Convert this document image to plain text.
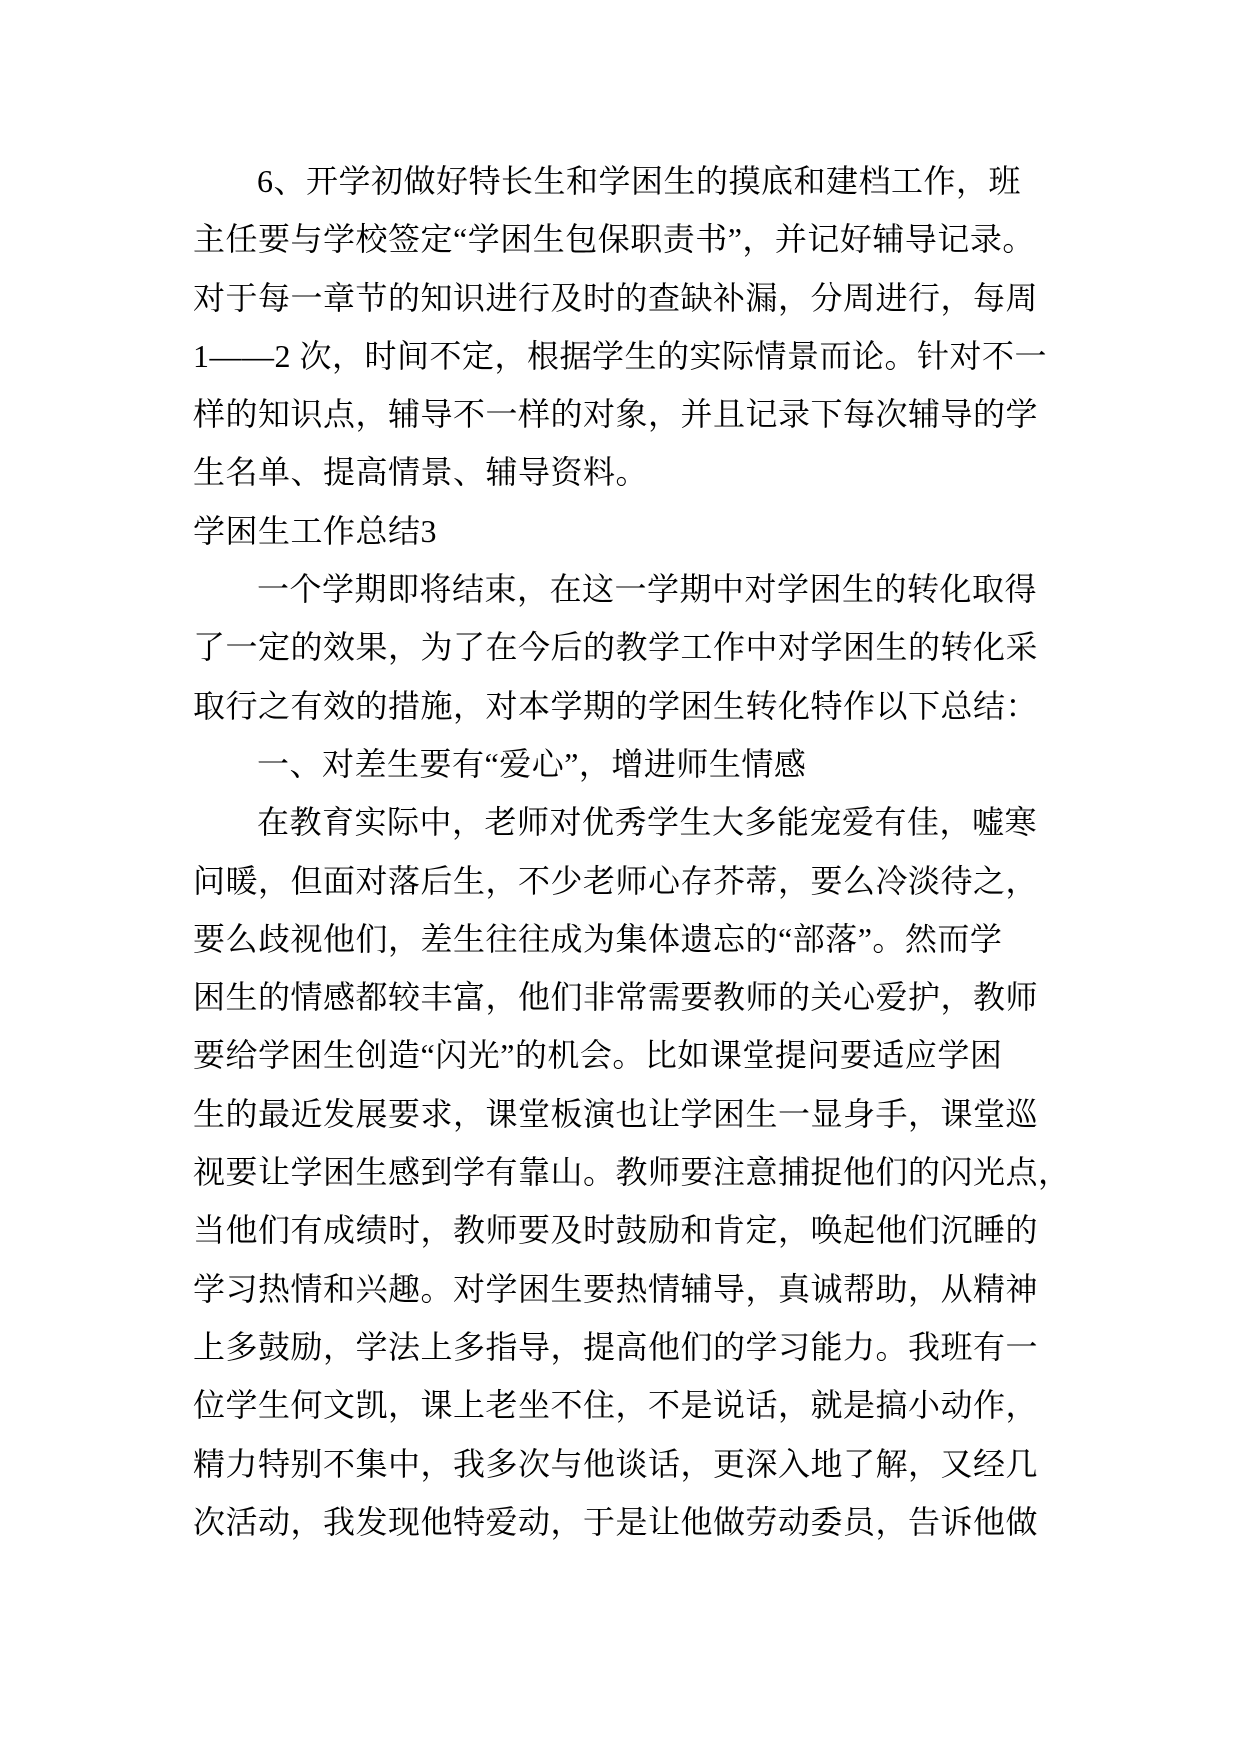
6、开学初做好特长生和学困生的摸底和建档工作，班
主任要与学校签定“学困生包保职责书”，并记好辅导记录。
对于每一章节的知识进行及时的查缺补漏，分周进行，每周
1——2 次，时间不定，根据学生的实际情景而论。针对不一
样的知识点，辅导不一样的对象，并且记录下每次辅导的学
生名单、提高情景、辅导资料。
学困生工作总结3
一个学期即将结束，在这一学期中对学困生的转化取得
了一定的效果，为了在今后的教学工作中对学困生的转化采
取行之有效的措施，对本学期的学困生转化特作以下总结：
一、对差生要有“爱心”，增进师生情感
在教育实际中，老师对优秀学生大多能宠爱有佳，嘘寒
问暖，但面对落后生，不少老师心存芥蒂，要么冷淡待之，
要么歧视他们，差生往往成为集体遗忘的“部落”。然而学
困生的情感都较丰富，他们非常需要教师的关心爱护，教师
要给学困生创造“闪光”的机会。比如课堂提问要适应学困
生的最近发展要求，课堂板演也让学困生一显身手，课堂巡
视要让学困生感到学有靠山。教师要注意捕捉他们的闪光点，
当他们有成绩时，教师要及时鼓励和肯定，唤起他们沉睡的
学习热情和兴趣。对学困生要热情辅导，真诚帮助，从精神
上多鼓励，学法上多指导，提高他们的学习能力。我班有一
位学生何文凯，课上老坐不住，不是说话，就是搞小动作，
精力特别不集中，我多次与他谈话，更深入地了解，又经几
次活动，我发现他特爱动，于是让他做劳动委员，告诉他做
